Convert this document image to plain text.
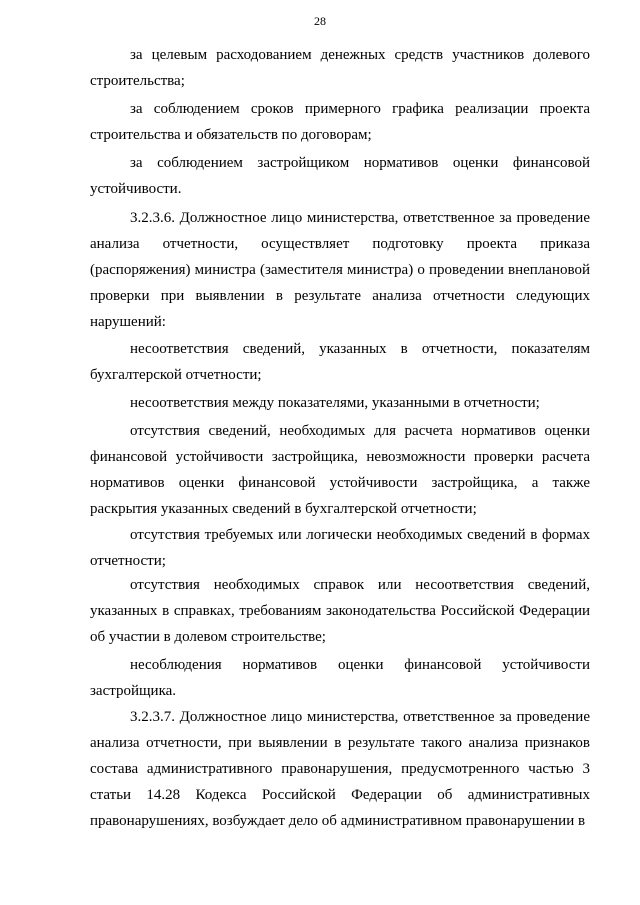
28
за целевым расходованием денежных средств участников долевого строительства;
за соблюдением сроков примерного графика реализации проекта строительства и обязательств по договорам;
за соблюдением застройщиком нормативов оценки финансовой устойчивости.
3.2.3.6. Должностное лицо министерства, ответственное за проведение анализа отчетности, осуществляет подготовку проекта приказа (распоряжения) министра (заместителя министра) о проведении внеплановой проверки при выявлении в результате анализа отчетности следующих нарушений:
несоответствия сведений, указанных в отчетности, показателям бухгалтерской отчетности;
несоответствия между показателями, указанными в отчетности;
отсутствия сведений, необходимых для расчета нормативов оценки финансовой устойчивости застройщика, невозможности проверки расчета нормативов оценки финансовой устойчивости застройщика, а также раскрытия указанных сведений в бухгалтерской отчетности;
отсутствия требуемых или логически необходимых сведений в формах отчетности;
отсутствия необходимых справок или несоответствия сведений, указанных в справках, требованиям законодательства Российской Федерации об участии в долевом строительстве;
несоблюдения нормативов оценки финансовой устойчивости застройщика.
3.2.3.7. Должностное лицо министерства, ответственное за проведение анализа отчетности, при выявлении в результате такого анализа признаков состава административного правонарушения, предусмотренного частью 3 статьи 14.28 Кодекса Российской Федерации об административных правонарушениях, возбуждает дело об административном правонарушении в
